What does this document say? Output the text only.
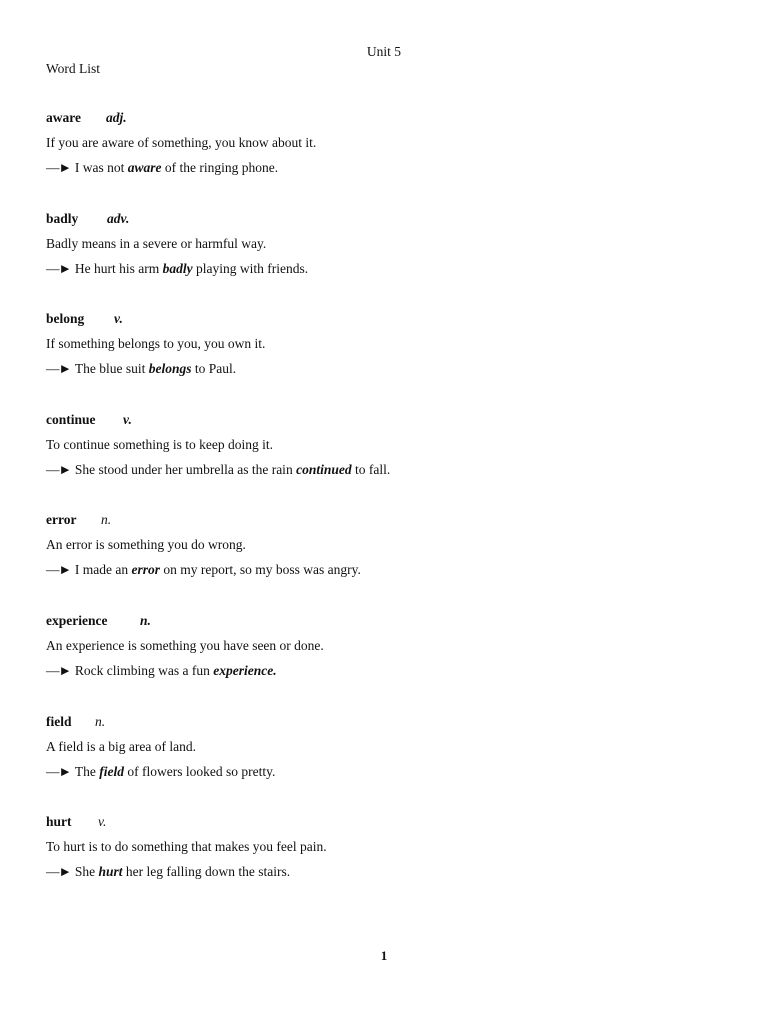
Unit 5
Word List
aware adj.
If you are aware of something, you know about it.
—► I was not aware of the ringing phone.
badly adv.
Badly means in a severe or harmful way.
—► He hurt his arm badly playing with friends.
belong v.
If something belongs to you, you own it.
—► The blue suit belongs to Paul.
continue v.
To continue something is to keep doing it.
—► She stood under her umbrella as the rain continued to fall.
error n.
An error is something you do wrong.
—► I made an error on my report, so my boss was angry.
experience n.
An experience is something you have seen or done.
—► Rock climbing was a fun experience.
field n.
A field is a big area of land.
—► The field of flowers looked so pretty.
hurt v.
To hurt is to do something that makes you feel pain.
—► She hurt her leg falling down the stairs.
1
